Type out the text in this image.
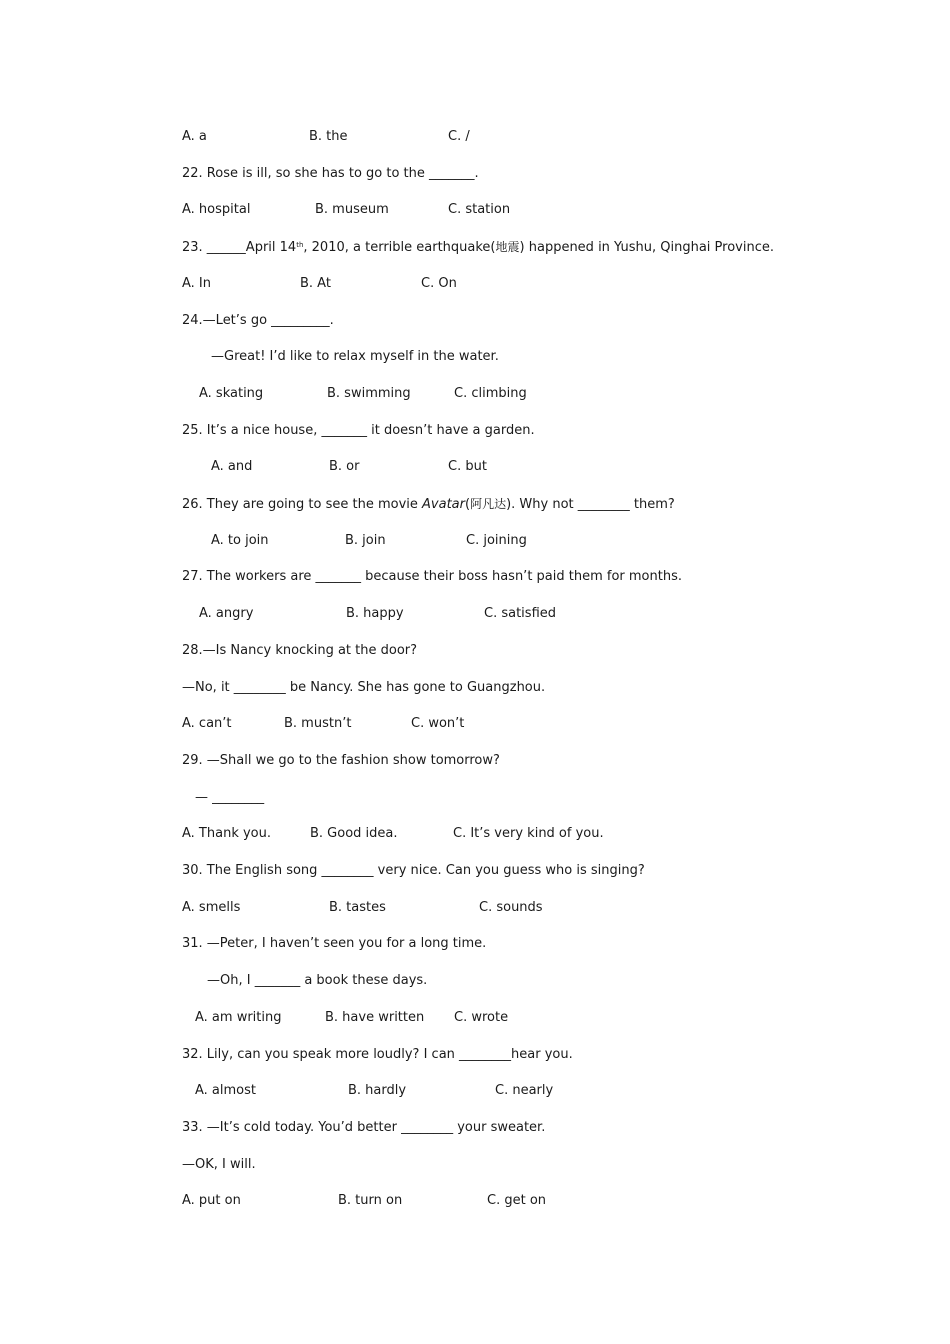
A. a	B. the	C. /
22. Rose is ill, so she has to go to the _______.
A. hospital	B. museum	C. station
23. ______April 14th, 2010, a terrible earthquake(地震) happened in Yushu, Qinghai Province.
A. In	B. At	C. On
24.—Let’s go _________.
—Great! I’d like to relax myself in the water.
A. skating	B. swimming	C. climbing
25. It’s a nice house, _______ it doesn’t have a garden.
A. and	B. or	C. but
26. They are going to see the movie Avatar(阿凡达). Why not ________ them?
A. to join	B. join	C. joining
27. The workers are _______ because their boss hasn’t paid them for months.
A. angry	B. happy	C. satisfied
28.—Is Nancy knocking at the door?
—No, it ________ be Nancy. She has gone to Guangzhou.
A. can’t	B. mustn’t	C. won’t
29. —Shall we go to the fashion show tomorrow?
— ________
A. Thank you.	B. Good idea.	C. It’s very kind of you.
30. The English song ________ very nice. Can you guess who is singing?
A. smells	B. tastes	C. sounds
31. —Peter, I haven’t seen you for a long time.
—Oh, I _______ a book these days.
A. am writing	B. have written C. wrote
32. Lily, can you speak more loudly? I can ________hear you.
A. almost	B. hardly	C. nearly
33. —It’s cold today. You’d better ________ your sweater.
—OK, I will.
A. put on	B. turn on	C. get on
